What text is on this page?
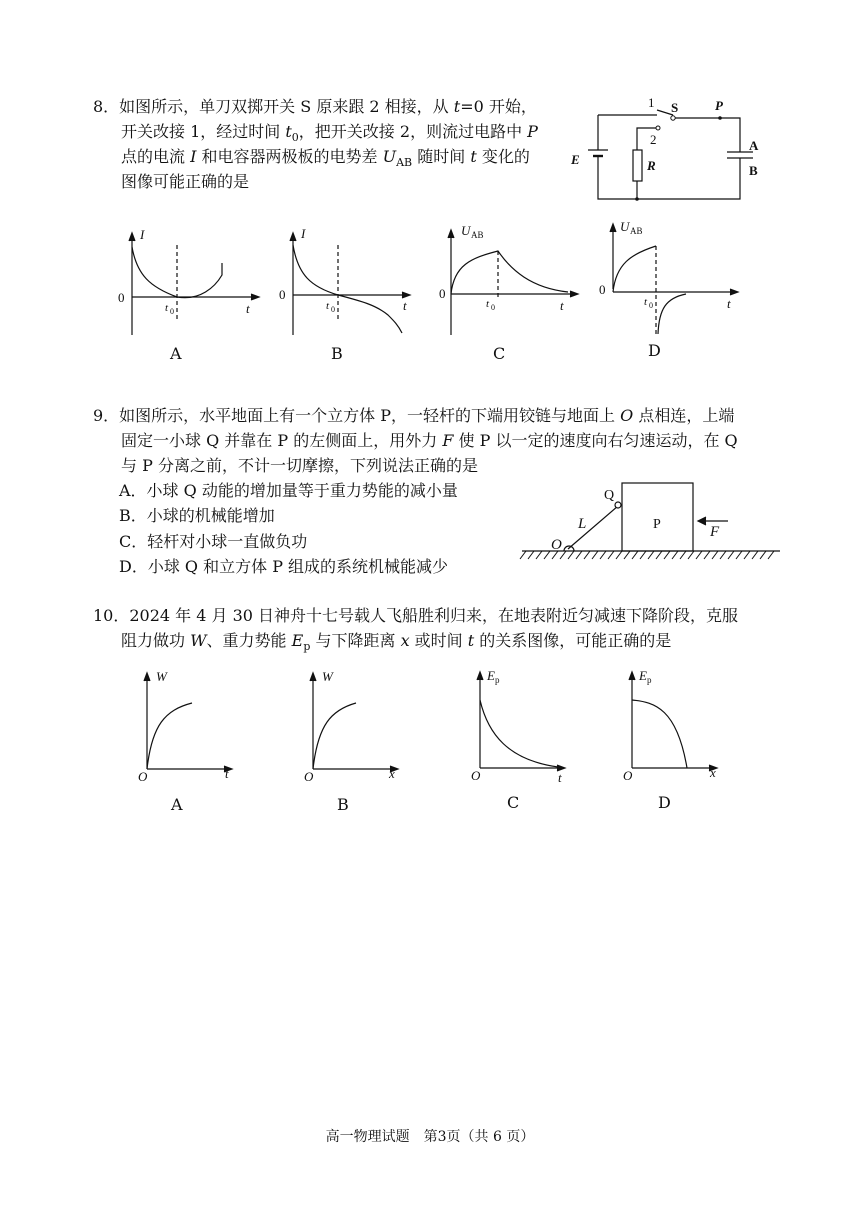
8．如图所示，单刀双掷开关 S 原来跟 2 相接，从 t=0 开始，
开关改接 1，经过时间 $t_0$，把开关改接 2，则流过电路中 P
点的电流 I 和电容器两极板的电势差 $U_{AB}$ 随时间 t 变化的
图像可能正确的是
1 S	P
2	A
B
E	R
I
0
t 0	t
A
I
0
t 0	t
B
U AB
0
t 0	t
C
U AB
0
t 0	t
D
9．如图所示，水平地面上有一个立方体 P，一轻杆的下端用铰链与地面上 O 点相连，上端
固定一小球 Q 并靠在 P 的左侧面上，用外力 F 使 P 以一定的速度向右匀速运动，在 Q
与 P 分离之前，不计一切摩擦，下列说法正确的是
A．小球 Q 动能的增加量等于重力势能的减小量
B．小球的机械能增加
C．轻杆对小球一直做负功
D．小球 Q 和立方体 P 组成的系统机械能减少
Q
P
L
O
F
10．2024 年 4 月 30 日神舟十七号载人飞船胜利归来，在地表附近匀减速下降阶段，克服
阻力做功 W、重力势能 $E_p$ 与下降距离 x 或时间 t 的关系图像，可能正确的是
W
O	t
A
W
O	x
B
E p
O	t
C
E p
O	x
D
高一物理试题　第3页（共 6 页）
